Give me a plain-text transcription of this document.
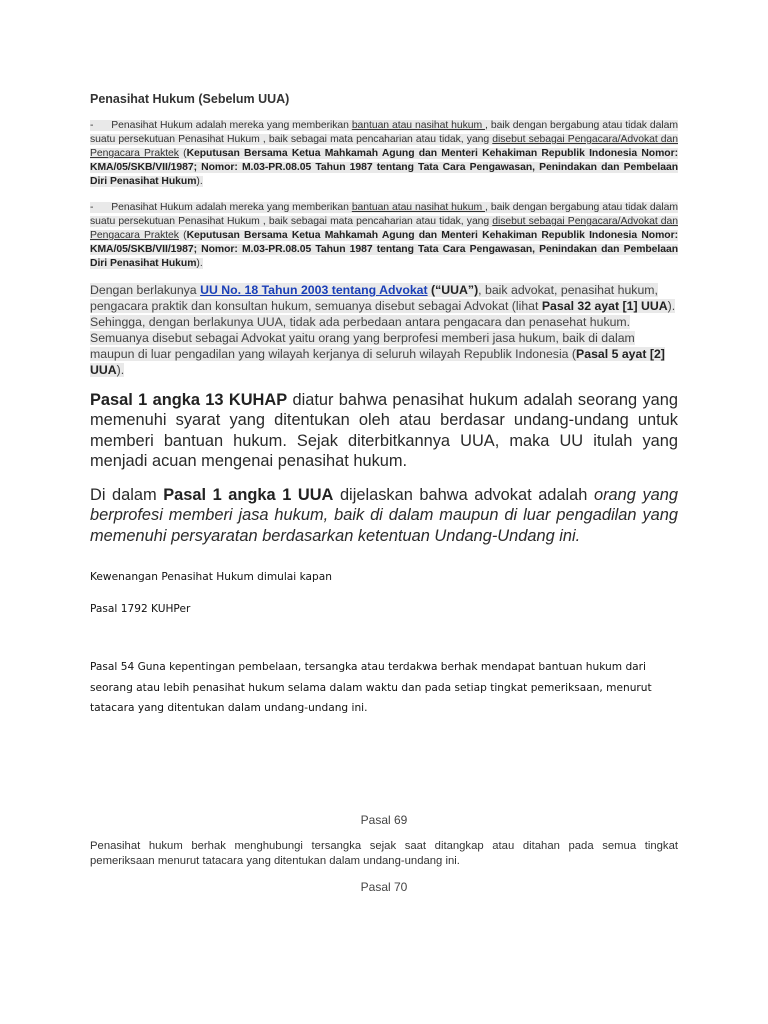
Penasihat Hukum (Sebelum UUA)
- Penasihat Hukum adalah mereka yang memberikan bantuan atau nasihat hukum , baik dengan bergabung atau tidak dalam suatu persekutuan Penasihat Hukum , baik sebagai mata pencaharian atau tidak, yang disebut sebagai Pengacara/Advokat dan Pengacara Praktek (Keputusan Bersama Ketua Mahkamah Agung dan Menteri Kehakiman Republik Indonesia Nomor: KMA/05/SKB/VII/1987; Nomor: M.03-PR.08.05 Tahun 1987 tentang Tata Cara Pengawasan, Penindakan dan Pembelaan Diri Penasihat Hukum).
- Penasihat Hukum adalah mereka yang memberikan bantuan atau nasihat hukum , baik dengan bergabung atau tidak dalam suatu persekutuan Penasihat Hukum , baik sebagai mata pencaharian atau tidak, yang disebut sebagai Pengacara/Advokat dan Pengacara Praktek (Keputusan Bersama Ketua Mahkamah Agung dan Menteri Kehakiman Republik Indonesia Nomor: KMA/05/SKB/VII/1987; Nomor: M.03-PR.08.05 Tahun 1987 tentang Tata Cara Pengawasan, Penindakan dan Pembelaan Diri Penasihat Hukum).
Dengan berlakunya UU No. 18 Tahun 2003 tentang Advokat (“UUA”), baik advokat, penasihat hukum, pengacara praktik dan konsultan hukum, semuanya disebut sebagai Advokat (lihat Pasal 32 ayat [1] UUA). Sehingga, dengan berlakunya UUA, tidak ada perbedaan antara pengacara dan penasehat hukum. Semuanya disebut sebagai Advokat yaitu orang yang berprofesi memberi jasa hukum, baik di dalam maupun di luar pengadilan yang wilayah kerjanya di seluruh wilayah Republik Indonesia (Pasal 5 ayat [2] UUA).
Pasal 1 angka 13 KUHAP diatur bahwa penasihat hukum adalah seorang yang memenuhi syarat yang ditentukan oleh atau berdasar undang-undang untuk memberi bantuan hukum. Sejak diterbitkannya UUA, maka UU itulah yang menjadi acuan mengenai penasihat hukum.
Di dalam Pasal 1 angka 1 UUA dijelaskan bahwa advokat adalah orang yang berprofesi memberi jasa hukum, baik di dalam maupun di luar pengadilan yang memenuhi persyaratan berdasarkan ketentuan Undang-Undang ini.
Kewenangan Penasihat Hukum dimulai kapan
Pasal 1792 KUHPer
Pasal 54 Guna kepentingan pembelaan, tersangka atau terdakwa berhak mendapat bantuan hukum dari seorang atau lebih penasihat hukum selama dalam waktu dan pada setiap tingkat pemeriksaan, menurut tatacara yang ditentukan dalam undang-undang ini.
Pasal 69
Penasihat hukum berhak menghubungi tersangka sejak saat ditangkap atau ditahan pada semua tingkat pemeriksaan menurut tatacara yang ditentukan dalam undang-undang ini.
Pasal 70
